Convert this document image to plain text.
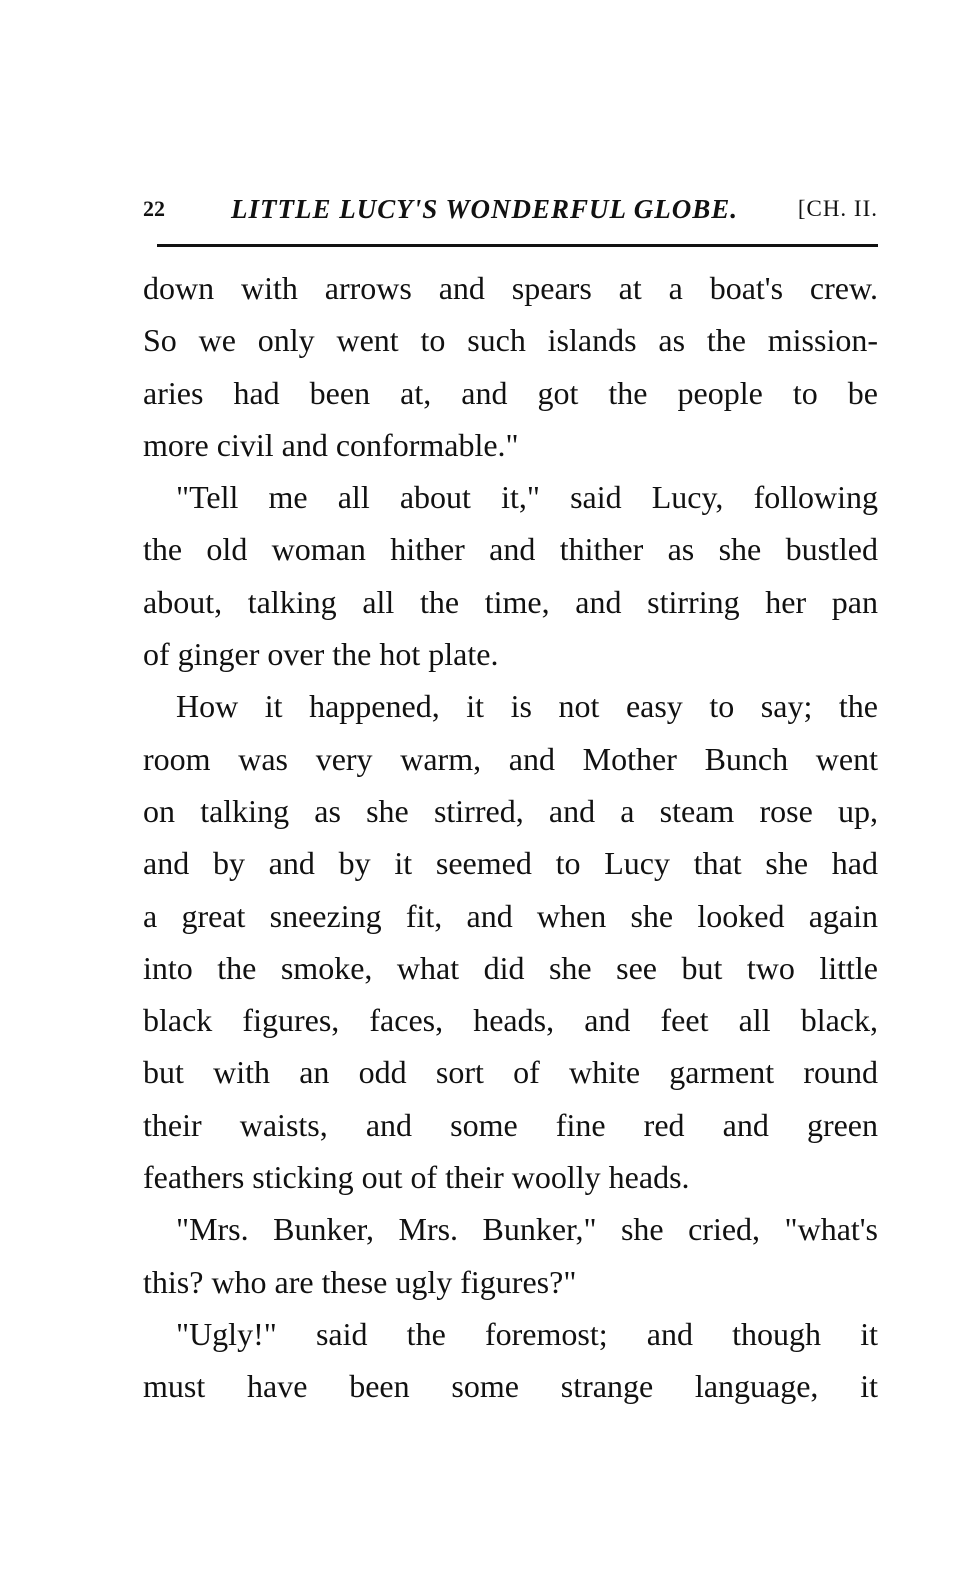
22 LITTLE LUCY'S WONDERFUL GLOBE.	[CH. II.
down with arrows and spears at a boat's crew.
So we only went to such islands as the mission-
aries had been at, and got the people to be
more civil and conformable."
"Tell me all about it," said Lucy, following
the old woman hither and thither as she bustled
about, talking all the time, and stirring her pan
of ginger over the hot plate.
How it happened, it is not easy to say; the
room was very warm, and Mother Bunch went
on talking as she stirred, and a steam rose up,
and by and by it seemed to Lucy that she had
a great sneezing fit, and when she looked again
into the smoke, what did she see but two little
black figures, faces, heads, and feet all black,
but with an odd sort of white garment round
their waists, and some fine red and green
feathers sticking out of their woolly heads.
"Mrs. Bunker, Mrs. Bunker," she cried, "what's
this? who are these ugly figures?"
"Ugly!" said the foremost; and though it
must have been some strange language, it
